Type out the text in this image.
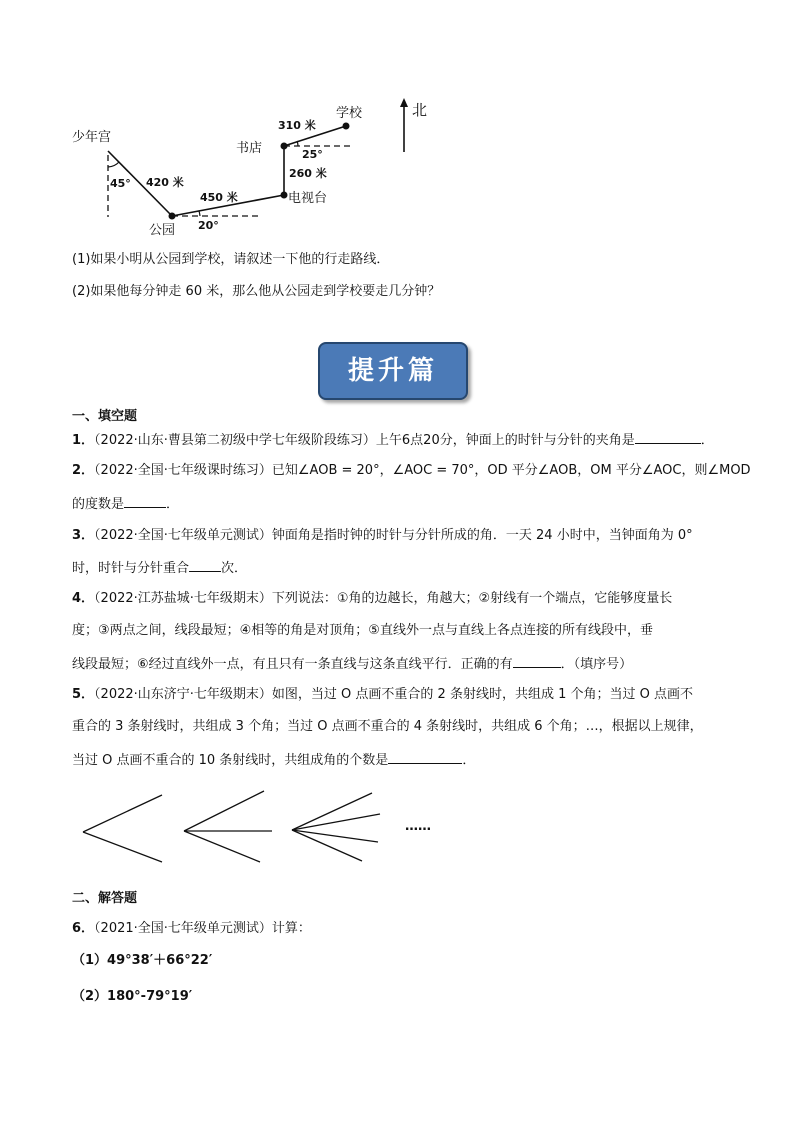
北
少年宫
公园
电视台
书店
学校
420 米
450 米
260 米
310 米
45°
20°
25°
(1)如果小明从公园到学校，请叙述一下他的行走路线．
(2)如果他每分钟走 60 米，那么他从公园走到学校要走几分钟？
提升篇
一、填空题
1．（2022·山东·曹县第二初级中学七年级阶段练习）上午6点20分，钟面上的时针与分针的夹角是	．
2．（2022·全国·七年级课时练习）已知∠AOB = 20°，∠AOC = 70°，OD 平分∠AOB，OM 平分∠AOC，则∠MOD
的度数是	．
3．（2022·全国·七年级单元测试）钟面角是指时钟的时针与分针所成的角．一天 24 小时中，当钟面角为 0°
时，时针与分针重合 次．
4．（2022·江苏盐城·七年级期末）下列说法：①角的边越长，角越大；②射线有一个端点，它能够度量长
度；③两点之间，线段最短；④相等的角是对顶角；⑤直线外一点与直线上各点连接的所有线段中，垂
线段最短；⑥经过直线外一点，有且只有一条直线与这条直线平行．正确的有	．（填序号）
5．（2022·山东济宁·七年级期末）如图，当过 O 点画不重合的 2 条射线时，共组成 1 个角；当过 O 点画不
重合的 3 条射线时，共组成 3 个角；当过 O 点画不重合的 4 条射线时，共组成 6 个角；…，根据以上规律，
当过 O 点画不重合的 10 条射线时，共组成角的个数是	．
……
二、解答题
6．（2021·全国·七年级单元测试）计算：
（1）49°38′＋66°22′
（2）180°-79°19′
